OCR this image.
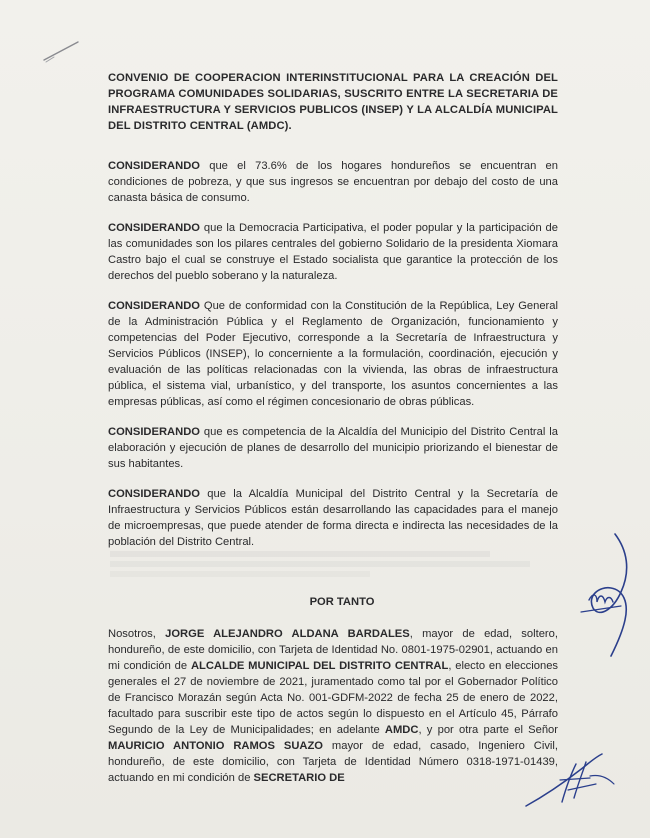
CONVENIO DE COOPERACION INTERINSTITUCIONAL PARA LA CREACIÓN DEL PROGRAMA COMUNIDADES SOLIDARIAS, SUSCRITO ENTRE LA SECRETARIA DE INFRAESTRUCTURA Y SERVICIOS PUBLICOS (INSEP) Y LA ALCALDÍA MUNICIPAL DEL DISTRITO CENTRAL (AMDC).

CONSIDERANDO que el 73.6% de los hogares hondureños se encuentran en condiciones de pobreza, y que sus ingresos se encuentran por debajo del costo de una canasta básica de consumo.

CONSIDERANDO que la Democracia Participativa, el poder popular y la participación de las comunidades son los pilares centrales del gobierno Solidario de la presidenta Xiomara Castro bajo el cual se construye el Estado socialista que garantice la protección de los derechos del pueblo soberano y la naturaleza.

CONSIDERANDO Que de conformidad con la Constitución de la República, Ley General de la Administración Pública y el Reglamento de Organización, funcionamiento y competencias del Poder Ejecutivo, corresponde a la Secretaría de Infraestructura y Servicios Públicos (INSEP), lo concerniente a la formulación, coordinación, ejecución y evaluación de las políticas relacionadas con la vivienda, las obras de infraestructura pública, el sistema vial, urbanístico, y del transporte, los asuntos concernientes a las empresas públicas, así como el régimen concesionario de obras públicas.

CONSIDERANDO que es competencia de la Alcaldía del Municipio del Distrito Central la elaboración y ejecución de planes de desarrollo del municipio priorizando el bienestar de sus habitantes.

CONSIDERANDO que la Alcaldía Municipal del Distrito Central y la Secretaría de Infraestructura y Servicios Públicos están desarrollando las capacidades para el manejo de microempresas, que puede atender de forma directa e indirecta las necesidades de la población del Distrito Central.

POR TANTO

Nosotros, JORGE ALEJANDRO ALDANA BARDALES, mayor de edad, soltero, hondureño, de este domicilio, con Tarjeta de Identidad No. 0801-1975-02901, actuando en mi condición de ALCALDE MUNICIPAL DEL DISTRITO CENTRAL, electo en elecciones generales el 27 de noviembre de 2021, juramentado como tal por el Gobernador Político de Francisco Morazán según Acta No. 001-GDFM-2022 de fecha 25 de enero de 2022, facultado para suscribir este tipo de actos según lo dispuesto en el Artículo 45, Párrafo Segundo de la Ley de Municipalidades; en adelante AMDC, y por otra parte el Señor MAURICIO ANTONIO RAMOS SUAZO mayor de edad, casado, Ingeniero Civil, hondureño, de este domicilio, con Tarjeta de Identidad Número 0318-1971-01439, actuando en mi condición de SECRETARIO DE
